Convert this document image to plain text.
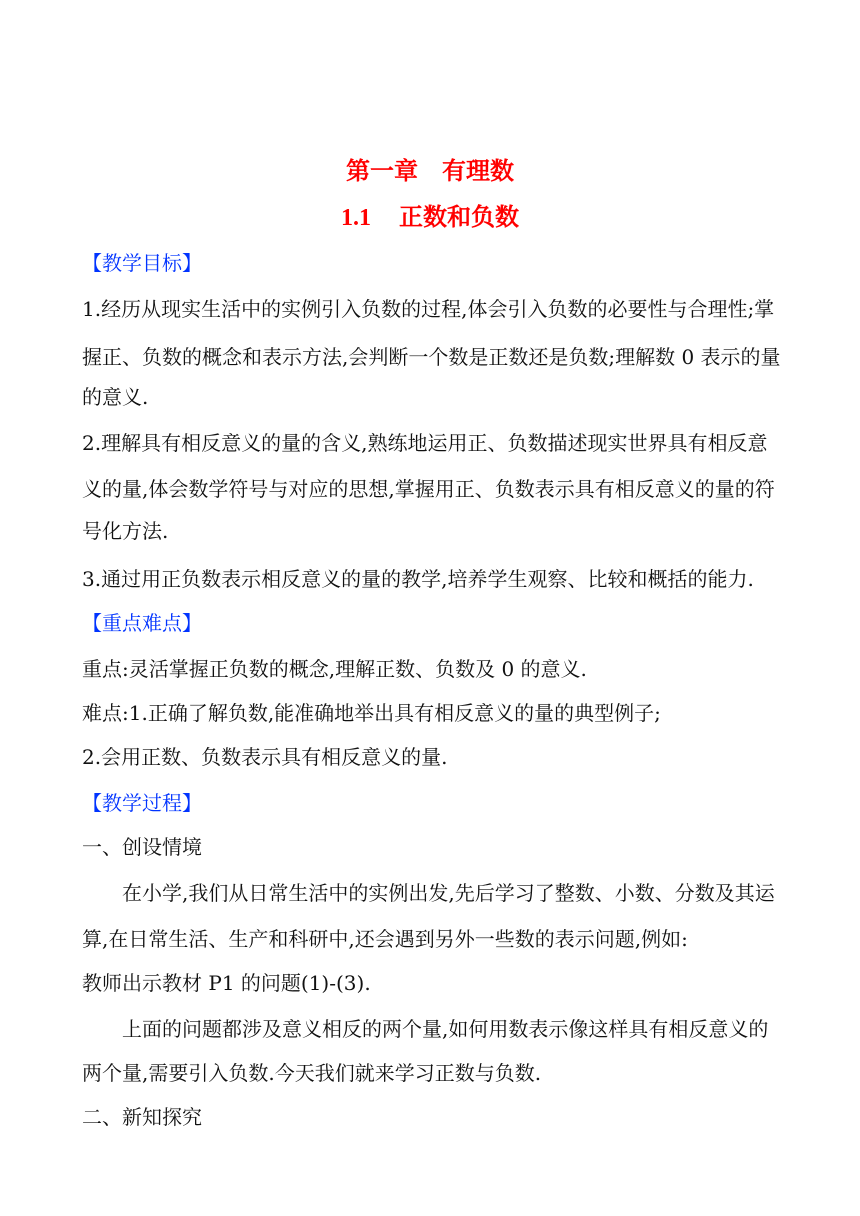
第一章　有理数
1.1 正数和负数
【教学目标】
1.经历从现实生活中的实例引入负数的过程,体会引入负数的必要性与合理性;掌
握正、负数的概念和表示方法,会判断一个数是正数还是负数;理解数 0 表示的量
的意义.
2.理解具有相反意义的量的含义,熟练地运用正、负数描述现实世界具有相反意
义的量,体会数学符号与对应的思想,掌握用正、负数表示具有相反意义的量的符
号化方法.
3.通过用正负数表示相反意义的量的教学,培养学生观察、比较和概括的能力.
【重点难点】
重点:灵活掌握正负数的概念,理解正数、负数及 0 的意义.
难点:1.正确了解负数,能准确地举出具有相反意义的量的典型例子;
2.会用正数、负数表示具有相反意义的量.
【教学过程】
一、创设情境
在小学,我们从日常生活中的实例出发,先后学习了整数、小数、分数及其运
算,在日常生活、生产和科研中,还会遇到另外一些数的表示问题,例如:
教师出示教材 P1 的问题(1)-(3).
上面的问题都涉及意义相反的两个量,如何用数表示像这样具有相反意义的
两个量,需要引入负数.今天我们就来学习正数与负数.
二、新知探究
